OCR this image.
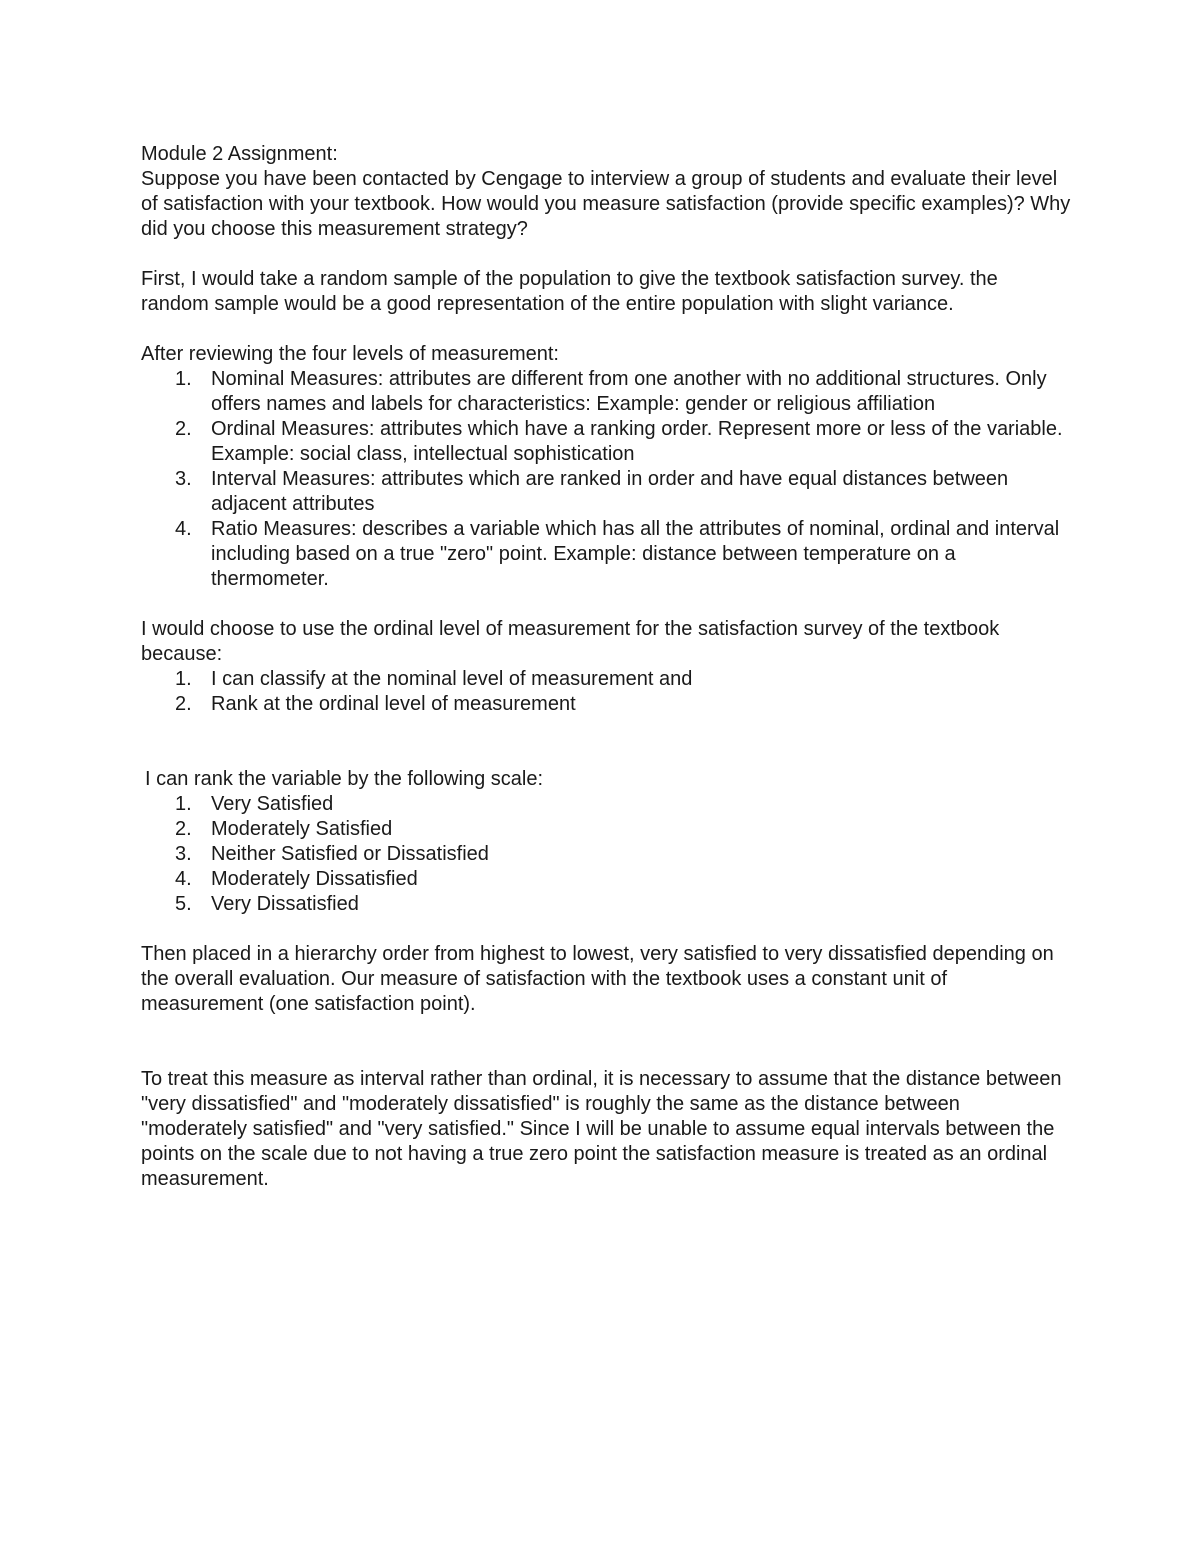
Module 2 Assignment:

Suppose you have been contacted by Cengage to interview a group of students and evaluate their level of satisfaction with your textbook. How would you measure satisfaction (provide specific examples)? Why did you choose this measurement strategy?

First, I would take a random sample of the population to give the textbook satisfaction survey. the random sample would be a good representation of the entire population with slight variance.

After reviewing the four levels of measurement:

1. Nominal Measures: attributes are different from one another with no additional structures. Only offers names and labels for characteristics: Example: gender or religious affiliation
2. Ordinal Measures: attributes which have a ranking order. Represent more or less of the variable. Example: social class, intellectual sophistication
3. Interval Measures: attributes which are ranked in order and have equal distances between adjacent attributes
4. Ratio Measures: describes a variable which has all the attributes of nominal, ordinal and interval including based on a true "zero" point. Example: distance between temperature on a thermometer.

I would choose to use the ordinal level of measurement for the satisfaction survey of the textbook because:

1. I can classify at the nominal level of measurement and
2. Rank at the ordinal level of measurement

I can rank the variable by the following scale:

1. Very Satisfied
2. Moderately Satisfied
3. Neither Satisfied or Dissatisfied
4. Moderately Dissatisfied
5. Very Dissatisfied

Then placed in a hierarchy order from highest to lowest, very satisfied to very dissatisfied depending on the overall evaluation. Our measure of satisfaction with the textbook uses a constant unit of measurement (one satisfaction point).

To treat this measure as interval rather than ordinal, it is necessary to assume that the distance between "very dissatisfied" and "moderately dissatisfied" is roughly the same as the distance between "moderately satisfied" and "very satisfied." Since I will be unable to assume equal intervals between the points on the scale due to not having a true zero point the satisfaction measure is treated as an ordinal measurement.
